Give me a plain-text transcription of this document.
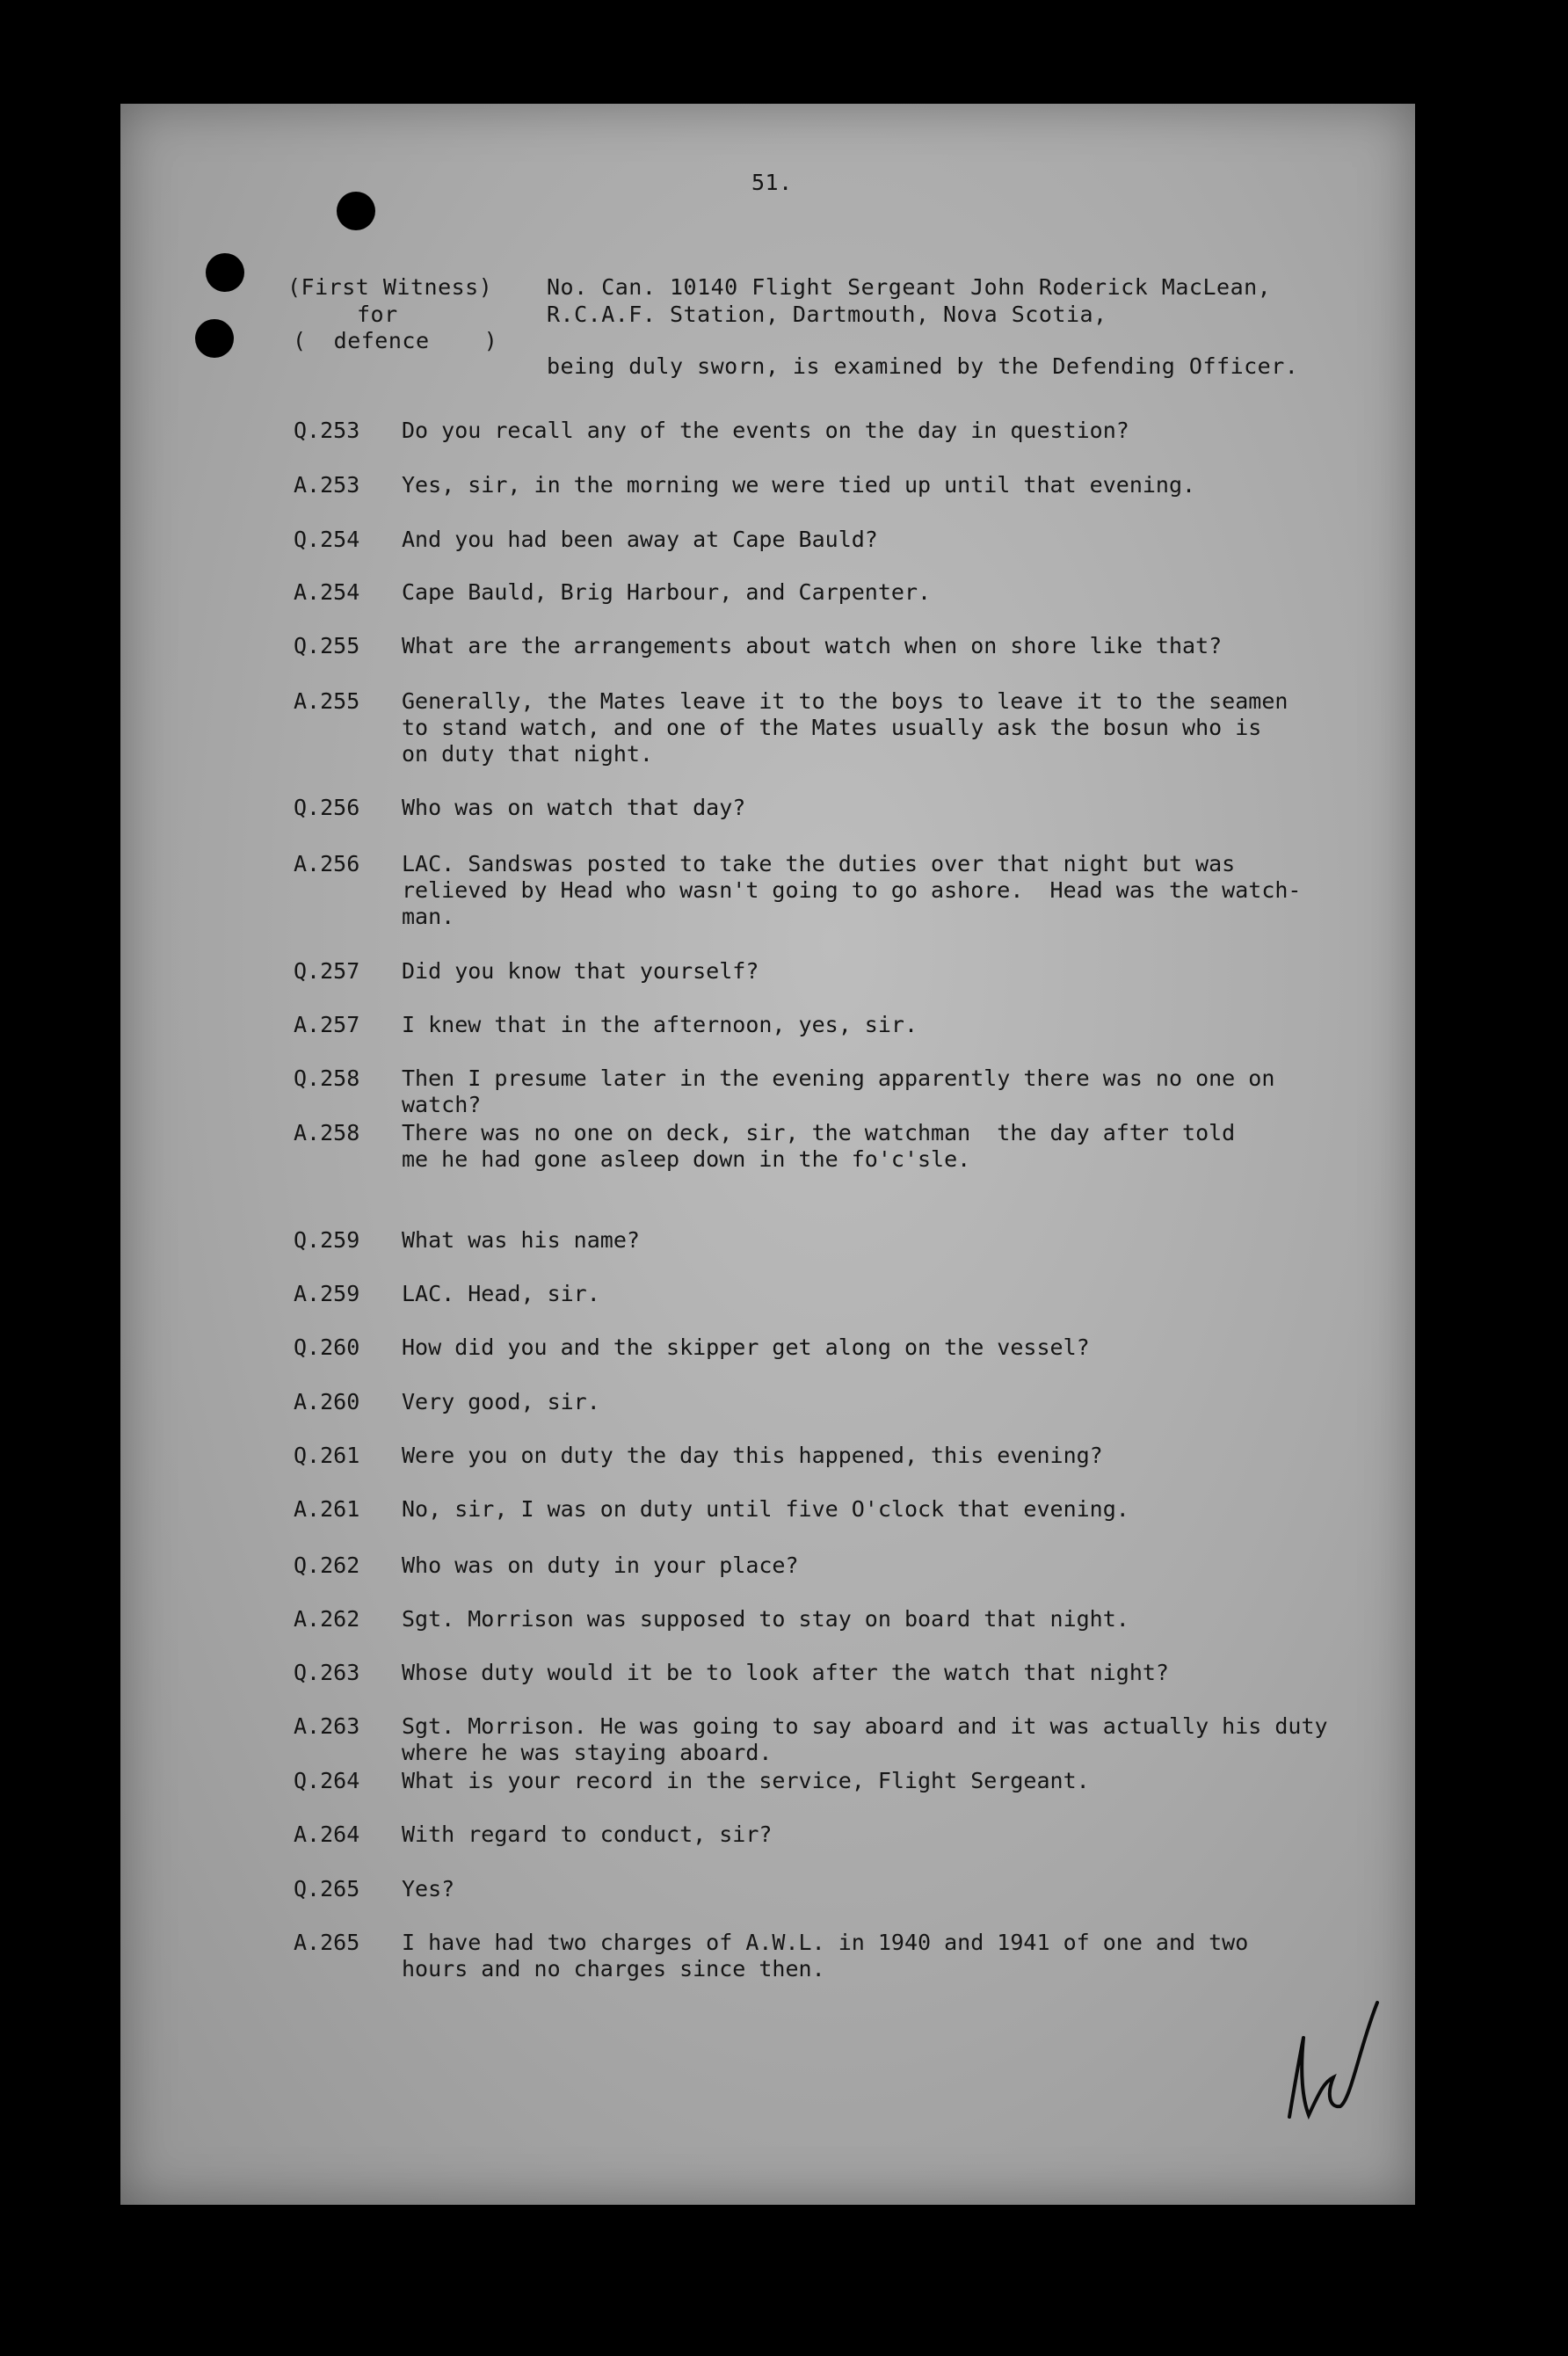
51.
(First Witness)
for
(  defence    )
No. Can. 10140 Flight Sergeant John Roderick MacLean,
R.C.A.F. Station, Dartmouth, Nova Scotia,
being duly sworn, is examined by the Defending Officer.
Q.253 Do you recall any of the events on the day in question?
A.253 Yes, sir, in the morning we were tied up until that evening.
Q.254 And you had been away at Cape Bauld?
A.254 Cape Bauld, Brig Harbour, and Carpenter.
Q.255 What are the arrangements about watch when on shore like that?
A.255 Generally, the Mates leave it to the boys to leave it to the seamen
to stand watch, and one of the Mates usually ask the bosun who is
on duty that night.
Q.256 Who was on watch that day?
A.256 LAC. Sandswas posted to take the duties over that night but was
relieved by Head who wasn't going to go ashore.  Head was the watch-
man.
Q.257 Did you know that yourself?
A.257 I knew that in the afternoon, yes, sir.
Q.258 Then I presume later in the evening apparently there was no one on
watch?
A.258 There was no one on deck, sir, the watchman  the day after told
me he had gone asleep down in the fo'c'sle.
Q.259 What was his name?
A.259 LAC. Head, sir.
Q.260 How did you and the skipper get along on the vessel?
A.260 Very good, sir.
Q.261 Were you on duty the day this happened, this evening?
A.261 No, sir, I was on duty until five O'clock that evening.
Q.262 Who was on duty in your place?
A.262 Sgt. Morrison was supposed to stay on board that night.
Q.263 Whose duty would it be to look after the watch that night?
A.263 Sgt. Morrison. He was going to say aboard and it was actually his duty
where he was staying aboard.
Q.264 What is your record in the service, Flight Sergeant.
A.264 With regard to conduct, sir?
Q.265 Yes?
A.265 I have had two charges of A.W.L. in 1940 and 1941 of one and two
hours and no charges since then.
